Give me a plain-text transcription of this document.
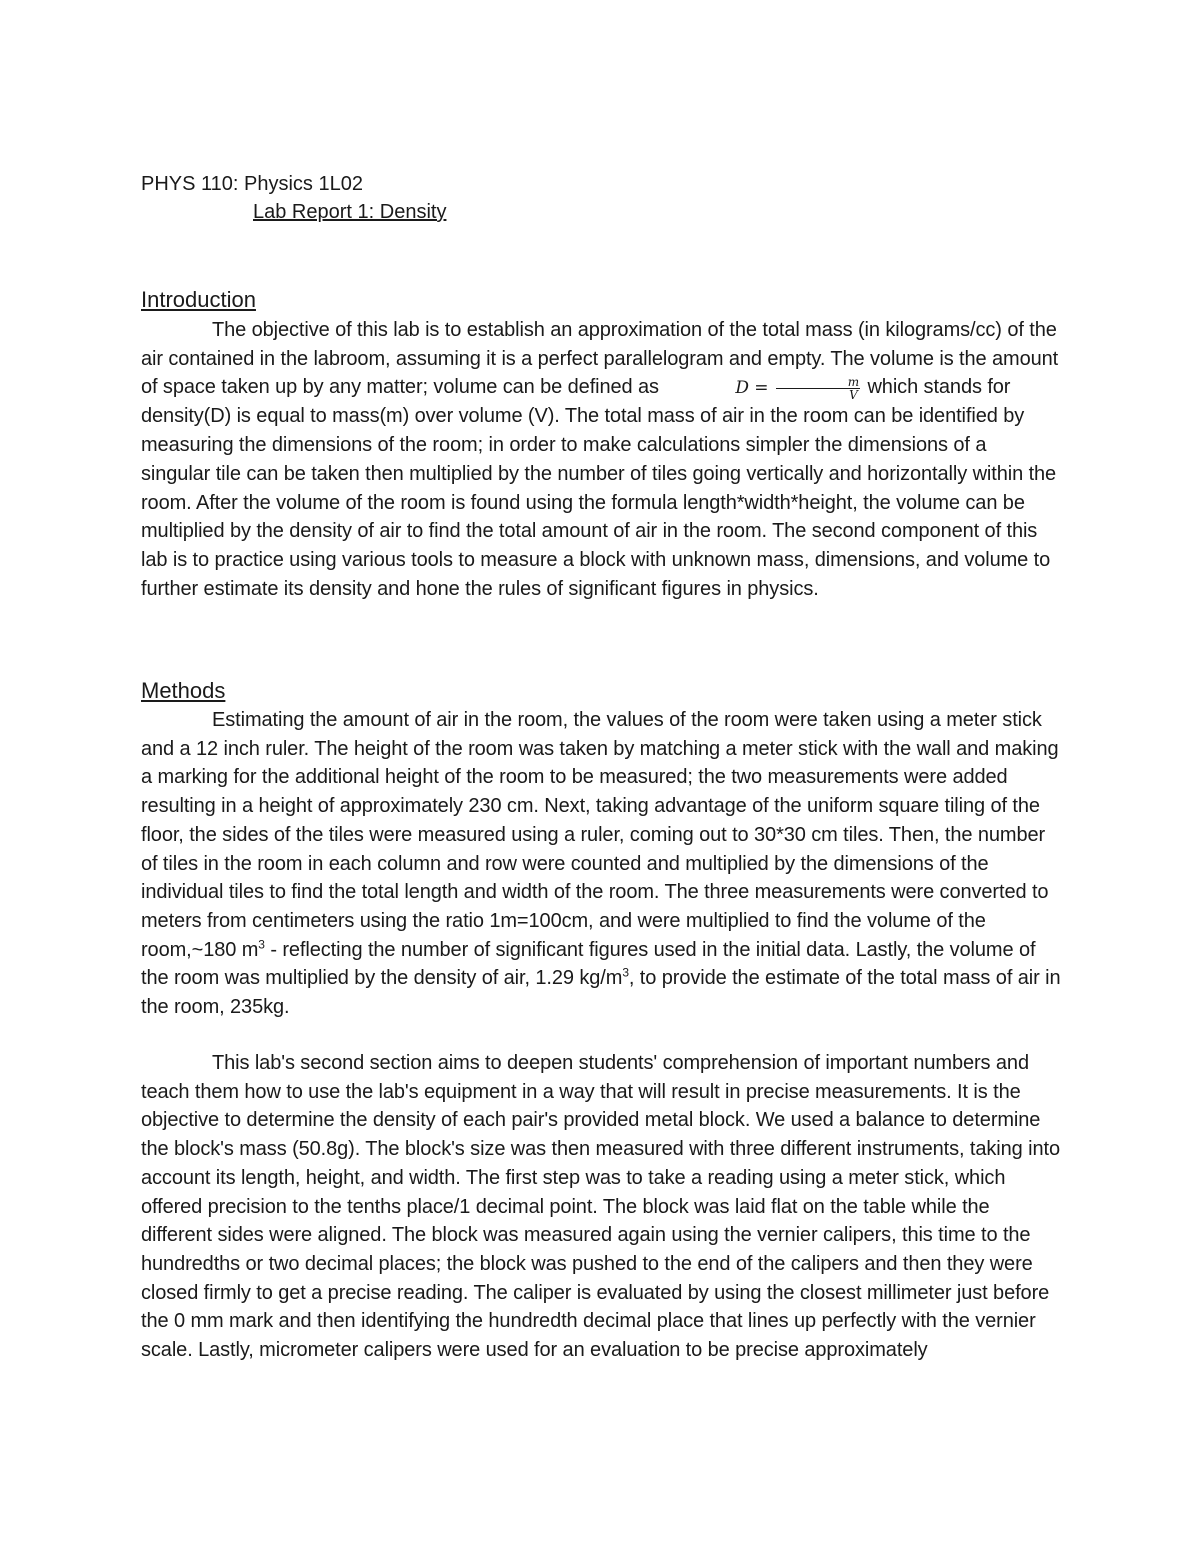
PHYS 110: Physics 1L02
Lab Report 1: Density
Introduction

The objective of this lab is to establish an approximation of the total mass (in kilograms/cc) of the air contained in the labroom, assuming it is a perfect parallelogram and empty. The volume is the amount of space taken up by any matter; volume can be defined as	$D = \frac{m}{V}$ which stands for density(D) is equal to mass(m) over volume (V). The total mass of air in the room can be identified by measuring the dimensions of the room; in order to make calculations simpler the dimensions of a singular tile can be taken then multiplied by the number of tiles going vertically and horizontally within the room. After the volume of the room is found using the formula length*width*height, the volume can be multiplied by the density of air to find the total amount of air in the room. The second component of this lab is to practice using various tools to measure a block with unknown mass, dimensions, and volume to further estimate its density and hone the rules of significant figures in physics.

Methods

Estimating the amount of air in the room, the values of the room were taken using a meter stick and a 12 inch ruler. The height of the room was taken by matching a meter stick with the wall and making a marking for the additional height of the room to be measured; the two measurements were added resulting in a height of approximately 230 cm. Next, taking advantage of the uniform square tiling of the floor, the sides of the tiles were measured using a ruler, coming out to 30*30 cm tiles. Then, the number of tiles in the room in each column and row were counted and multiplied by the dimensions of the individual tiles to find the total length and width of the room. The three measurements were converted to meters from centimeters using the ratio 1m=100cm, and were multiplied to find the volume of the room,~180 $m^3$ - reflecting the number of significant figures used in the initial data. Lastly, the volume of the room was multiplied by the density of air, 1.29 $kg/m^3$, to provide the estimate of the total mass of air in the room, 235kg.

This lab's second section aims to deepen students' comprehension of important numbers and teach them how to use the lab's equipment in a way that will result in precise measurements. It is the objective to determine the density of each pair's provided metal block. We used a balance to determine the block's mass (50.8g). The block's size was then measured with three different instruments, taking into account its length, height, and width. The first step was to take a reading using a meter stick, which offered precision to the tenths place/1 decimal point. The block was laid flat on the table while the different sides were aligned. The block was measured again using the vernier calipers, this time to the hundredths or two decimal places; the block was pushed to the end of the calipers and then they were closed firmly to get a precise reading. The caliper is evaluated by using the closest millimeter just before the 0 mm mark and then identifying the hundredth decimal place that lines up perfectly with the vernier scale. Lastly, micrometer calipers were used for an evaluation to be precise approximately
